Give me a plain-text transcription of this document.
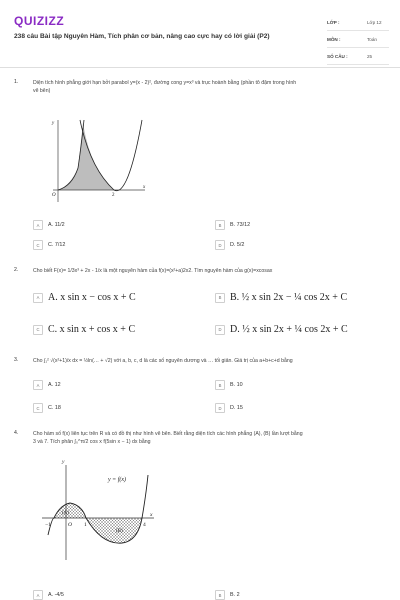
QUIZIZZ
238 câu Bài tập Nguyên Hàm, Tích phân cơ bản, nâng cao cực hay có lời giải (P2)
LỚP :	Lớp 12
MÔN :	Toán
SỐ CÂU :	25
1.	Diện tích hình phẳng giới hạn bởi parabol y=(x - 2)², đường cong y=x³ và trục hoành bằng (phần tô đậm trong hình
vẽ bên)
y
x
O	2
A	A. 11/2	B	B. 73/12
C	C. 7/12	D	D. 5/2
2.	Cho biết F(x)= 1/3x³ + 2x - 1/x là một nguyên hàm của f(x)=(x²+a)2x2. Tìm nguyên hàm của g(x)=xcosax
A A. x sin x − cos x + C	B B. ½ x sin 2x − ¼ cos 2x + C
C C. x sin x + cos x + C	D D. ½ x sin 2x + ¼ cos 2x + C
3.	Cho ∫₁² √(x²+1)/x dx = ½ln(… + √2) với a, b, c, d là các số nguyên dương và … tối giản. Giá trị của a+b+c+d bằng
A	A. 12	B	B. 10
C	C. 18	D	D. 15
4.	Cho hàm số f(x) liên tục trên R và có đồ thị như hình vẽ bên. Biết rằng diện tích các hình phẳng (A), (B) lần lượt bằng
3 và 7. Tích phân ∫₀^π/2 cos x f(5sin x − 1) dx bằng
y
x
y = f(x)
(A)
(B)
−1	O 1	4
A	A. -4/5	B	B. 2
